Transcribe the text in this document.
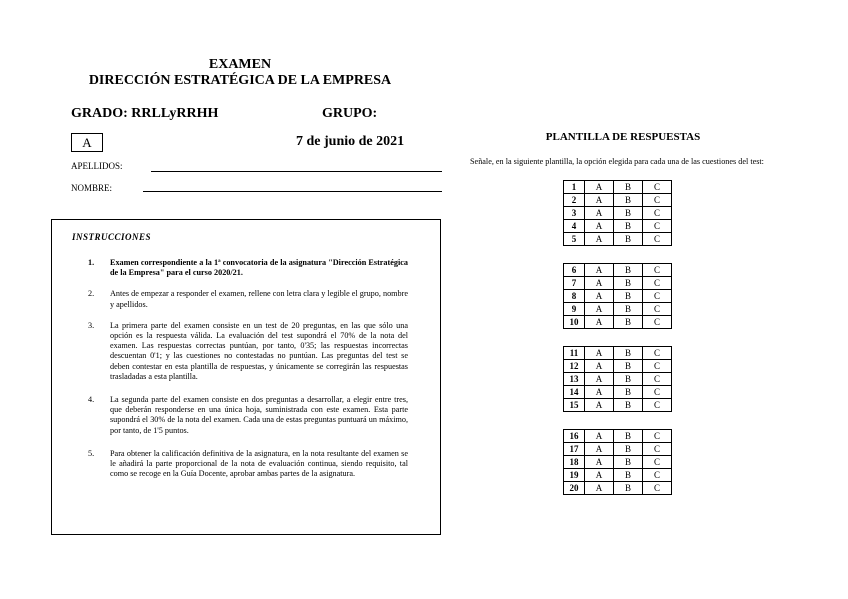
EXAMEN
DIRECCIÓN ESTRATÉGICA DE LA EMPRESA
GRADO: RRLLyRRHH	GRUPO:
A	7 de junio de 2021
APELLIDOS:
NOMBRE:
INSTRUCCIONES
1. Examen correspondiente a la 1ª convocatoria de la asignatura "Dirección Estratégica de la Empresa" para el curso 2020/21.
2. Antes de empezar a responder el examen, rellene con letra clara y legible el grupo, nombre y apellidos.
3. La primera parte del examen consiste en un test de 20 preguntas, en las que sólo una opción es la respuesta válida. La evaluación del test supondrá el 70% de la nota del examen. Las respuestas correctas puntúan, por tanto, 0'35; las respuestas incorrectas descuentan 0'1; y las cuestiones no contestadas no puntúan. Las preguntas del test se deben contestar en esta plantilla de respuestas, y únicamente se corregirán las respuestas trasladadas a esta plantilla.
4. La segunda parte del examen consiste en dos preguntas a desarrollar, a elegir entre tres, que deberán responderse en una única hoja, suministrada con este examen. Esta parte supondrá el 30% de la nota del examen. Cada una de estas preguntas puntuará un máximo, por tanto, de 1'5 puntos.
5. Para obtener la calificación definitiva de la asignatura, en la nota resultante del examen se le añadirá la parte proporcional de la nota de evaluación continua, siendo requisito, tal como se recoge en la Guía Docente, aprobar ambas partes de la asignatura.
PLANTILLA DE RESPUESTAS
Señale, en la siguiente plantilla, la opción elegida para cada una de las cuestiones del test:
1	A	B	C
2	A	B	C
3	A	B	C
4	A	B	C
5	A	B	C
6	A	B	C
7	A	B	C
8	A	B	C
9	A	B	C
10	A	B	C
11	A	B	C
12	A	B	C
13	A	B	C
14	A	B	C
15	A	B	C
16	A	B	C
17	A	B	C
18	A	B	C
19	A	B	C
20	A	B	C
